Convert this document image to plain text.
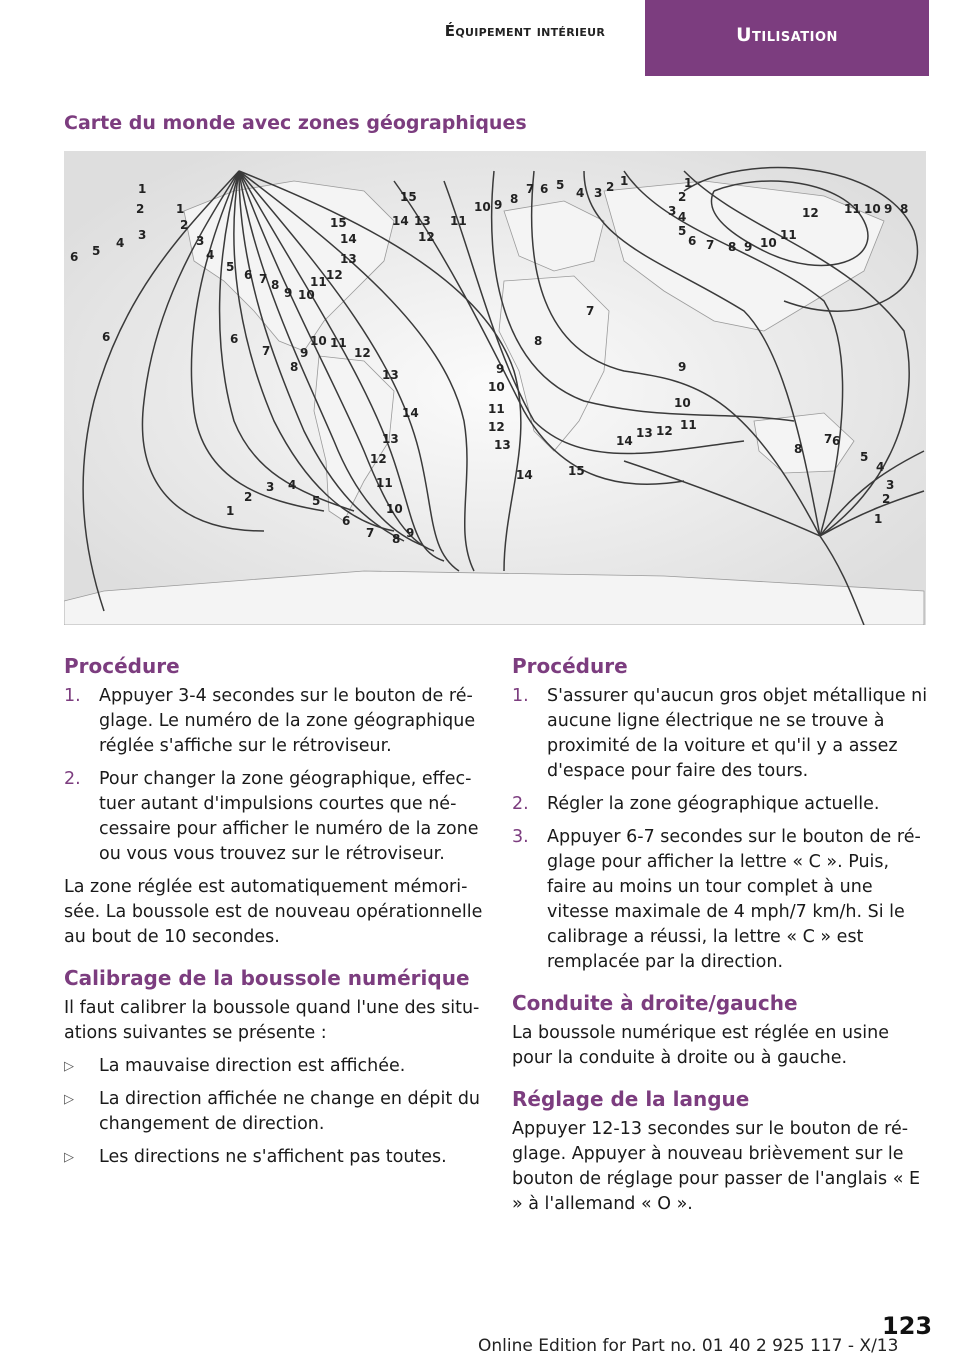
Équipement intérieur	Utilisation
Carte du monde avec zones géographiques
1
2
3
4
5
6
1
2
3
4
5
6 7 8
9 10
11 12
13
14
15
15
14 13
12
11
10 9 8
7 6 5
4 3 2 1	1
2
3 4
5
6 7 8 9 10
11
12 11 10 9 8
6	6
7
8
9
10 11
12
13
14
13
12
11
10
9
8
7
6
5
4
3
2
1
8
9
10
11
12
13
14	15
14
13 12 11
10
9
7
8
7 6
5
4
3
2
1
Procédure
1. Appuyer 3-4 secondes sur le bouton de réglage. Le numéro de la zone géographique réglée s'affiche sur le rétroviseur.
2. Pour changer la zone géographique, effectuer autant d'impulsions courtes que nécessaire pour afficher le numéro de la zone ou vous vous trouvez sur le rétroviseur.

La zone réglée est automatiquement mémorisée. La boussole est de nouveau opérationnelle au bout de 10 secondes.

Calibrage de la boussole numérique

Il faut calibrer la boussole quand l'une des situations suivantes se présente :

▷ La mauvaise direction est affichée.
▷ La direction affichée ne change en dépit du changement de direction.
▷ Les directions ne s'affichent pas toutes.
Procédure
1. S'assurer qu'aucun gros objet métallique ni aucune ligne électrique ne se trouve à proximité de la voiture et qu'il y a assez d'espace pour faire des tours.
2. Régler la zone géographique actuelle.
3. Appuyer 6-7 secondes sur le bouton de réglage pour afficher la lettre « C ». Puis, faire au moins un tour complet à une vitesse maximale de 4 mph/7 km/h. Si le calibrage a réussi, la lettre « C » est remplacée par la direction.
Conduite à droite/gauche

La boussole numérique est réglée en usine pour la conduite à droite ou à gauche.

Réglage de la langue

Appuyer 12-13 secondes sur le bouton de réglage. Appuyer à nouveau brièvement sur le bouton de réglage pour passer de l'anglais « E » à l'allemand « O ».

123
Online Edition for Part no. 01 40 2 925 117 - X/13
